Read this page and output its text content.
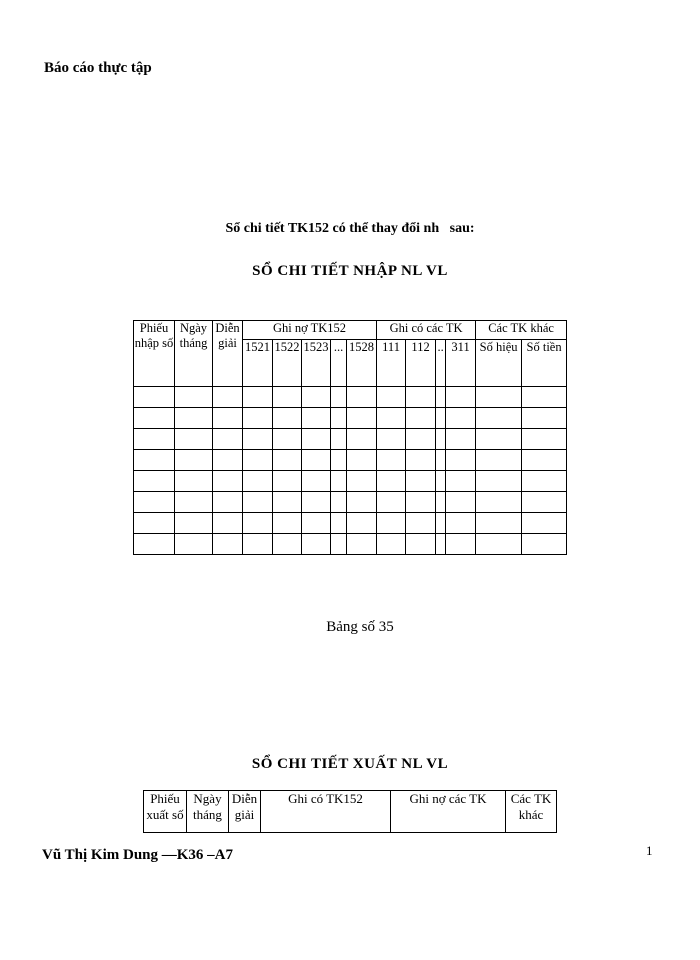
Báo cáo thực tập
Sổ chi tiết TK152 có thể thay đổi nh   sau:
SỔ CHI TIẾT NHẬP NL VL
Phiếu nhập số	Ngày tháng	Diễn giải	Ghi nợ TK152					Ghi có các TK				Các TK khác	
			1521	1522	1523	...	1528	111	112	..	311	Số hiệu	Số tiền

Bảng số 35
SỔ CHI TIẾT XUẤT NL VL
Phiếu xuất số	Ngày tháng	Diễn giải	Ghi có TK152	Ghi nợ các TK	Các TK khác
Vũ Thị Kim Dung —K36 –A7	1
